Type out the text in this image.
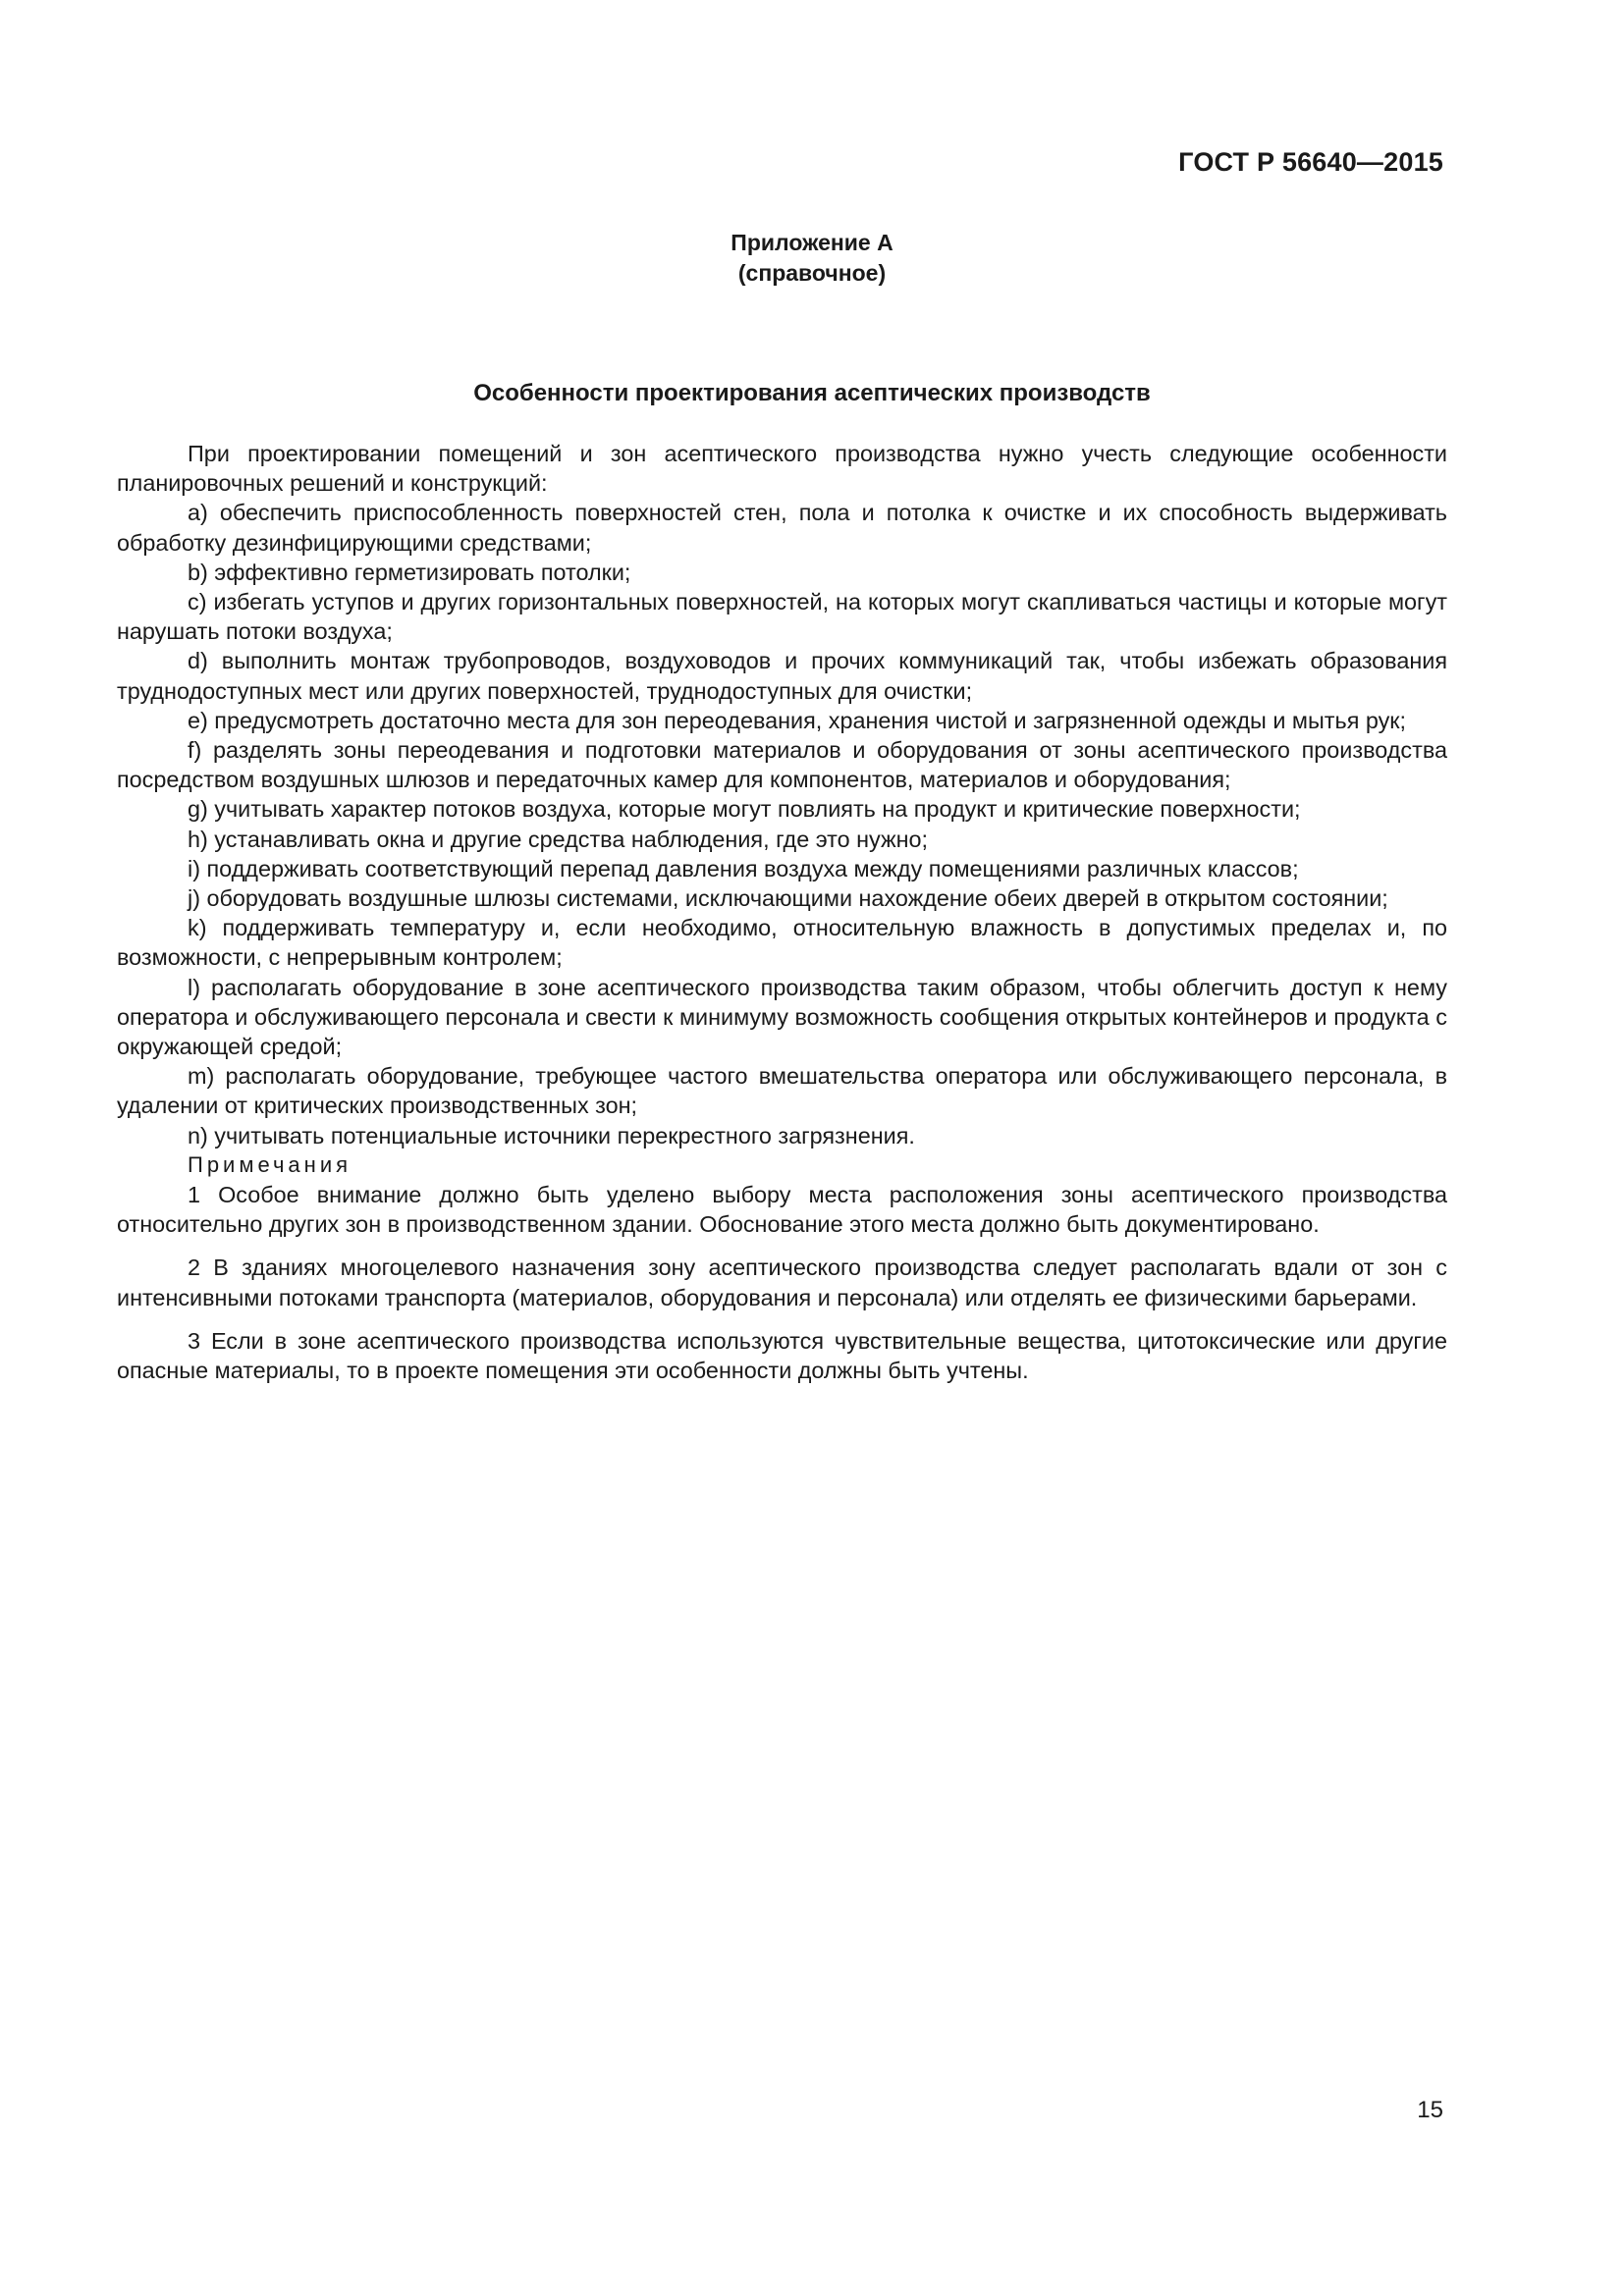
ГОСТ Р 56640—2015
Приложение А
(справочное)
Особенности проектирования асептических производств

При проектировании помещений и зон асептического производства нужно учесть следующие особенности планировочных решений и конструкций:

a) обеспечить приспособленность поверхностей стен, пола и потолка к очистке и их способность выдерживать обработку дезинфицирующими средствами;

b) эффективно герметизировать потолки;

c) избегать уступов и других горизонтальных поверхностей, на которых могут скапливаться частицы и которые могут нарушать потоки воздуха;

d) выполнить монтаж трубопроводов, воздуховодов и прочих коммуникаций так, чтобы избежать образования труднодоступных мест или других поверхностей, труднодоступных для очистки;

e) предусмотреть достаточно места для зон переодевания, хранения чистой и загрязненной одежды и мытья рук;

f) разделять зоны переодевания и подготовки материалов и оборудования от зоны асептического производства посредством воздушных шлюзов и передаточных камер для компонентов, материалов и оборудования;

g) учитывать характер потоков воздуха, которые могут повлиять на продукт и критические поверхности;

h) устанавливать окна и другие средства наблюдения, где это нужно;

i) поддерживать соответствующий перепад давления воздуха между помещениями различных классов;

j) оборудовать воздушные шлюзы системами, исключающими нахождение обеих дверей в открытом состоянии;

k) поддерживать температуру и, если необходимо, относительную влажность в допустимых пределах и, по возможности, с непрерывным контролем;

l) располагать оборудование в зоне асептического производства таким образом, чтобы облегчить доступ к нему оператора и обслуживающего персонала и свести к минимуму возможность сообщения открытых контейнеров и продукта с окружающей средой;

m) располагать оборудование, требующее частого вмешательства оператора или обслуживающего персонала, в удалении от критических производственных зон;

n) учитывать потенциальные источники перекрестного загрязнения.

Примечания

1 Особое внимание должно быть уделено выбору места расположения зоны асептического производства относительно других зон в производственном здании. Обоснование этого места должно быть документировано.

2 В зданиях многоцелевого назначения зону асептического производства следует располагать вдали от зон с интенсивными потоками транспорта (материалов, оборудования и персонала) или отделять ее физическими барьерами.

3 Если в зоне асептического производства используются чувствительные вещества, цитотоксические или другие опасные материалы, то в проекте помещения эти особенности должны быть учтены.

15
